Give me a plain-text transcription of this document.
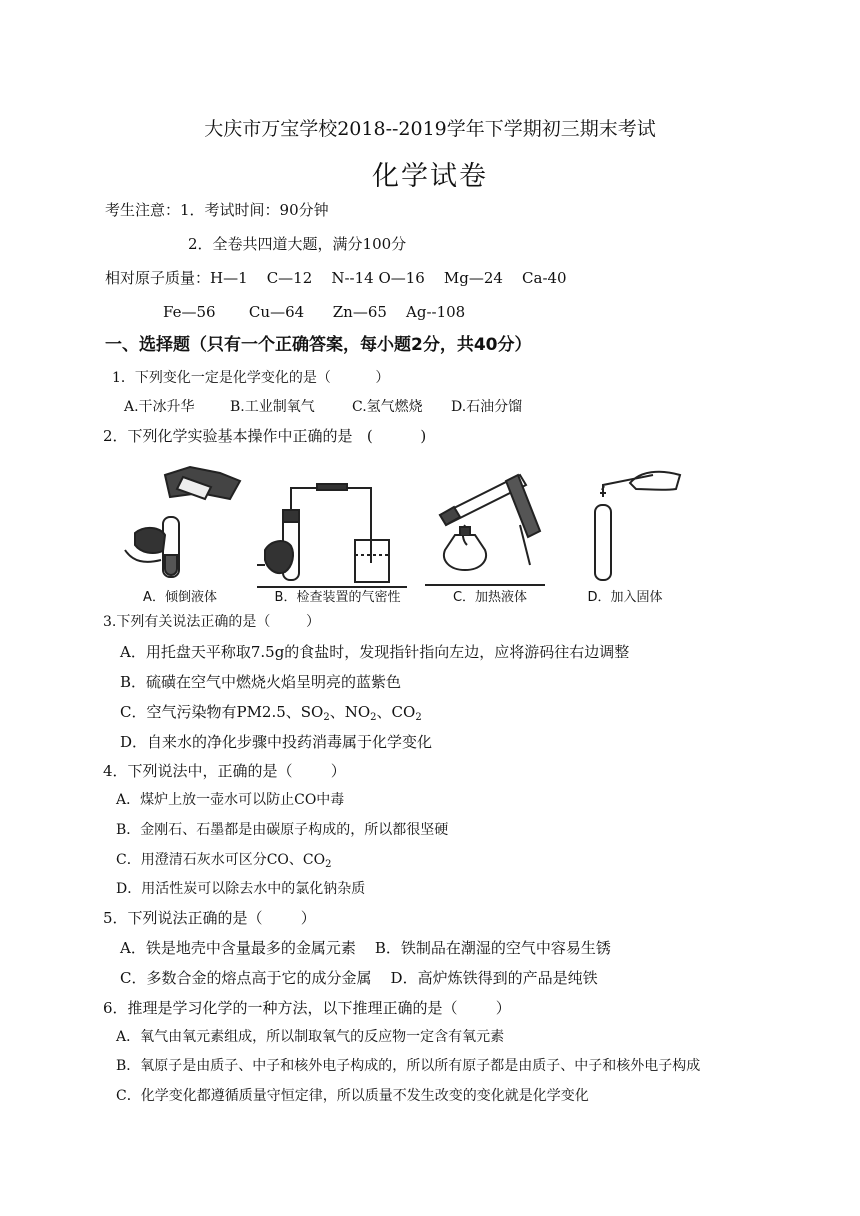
大庆市万宝学校2018--2019学年下学期初三期末考试
化学试卷
考生注意：1．考试时间：90分钟
2．全卷共四道大题，满分100分
相对原子质量：H—1    C—12    N--14 O—16    Mg—24    Ca-40
Fe—56       Cu—64      Zn—65    Ag--108
一、选择题（只有一个正确答案，每小题2分，共40分）
1．下列变化一定是化学变化的是（          ）
A.干冰升华	B.工业制氧气	C.氢气燃烧 D.石油分馏
2．下列化学实验基本操作中正确的是   (          )
A．倾倒液体	B．检查装置的气密性	C．加热液体	D．加入固体
3.下列有关说法正确的是（        ）
A．用托盘天平称取7.5g的食盐时，发现指针指向左边，应将游码往右边调整
B．硫磺在空气中燃烧火焰呈明亮的蓝紫色
C．空气污染物有PM2.5、$SO_2$、$NO_2$、$CO_2$
D．自来水的净化步骤中投药消毒属于化学变化
4．下列说法中，正确的是（        ）
A．煤炉上放一壶水可以防止CO中毒
B．金刚石、石墨都是由碳原子构成的，所以都很坚硬
C．用澄清石灰水可区分CO、$CO_2$
D．用活性炭可以除去水中的氯化钠杂质
5．下列说法正确的是（        ）
A．铁是地壳中含量最多的金属元素    B．铁制品在潮湿的空气中容易生锈
C．多数合金的熔点高于它的成分金属    D．高炉炼铁得到的产品是纯铁
6．推理是学习化学的一种方法，以下推理正确的是（        ）
A．氧气由氧元素组成，所以制取氧气的反应物一定含有氧元素
B．氧原子是由质子、中子和核外电子构成的，所以所有原子都是由质子、中子和核外电子构成
C．化学变化都遵循质量守恒定律，所以质量不发生改变的变化就是化学变化
